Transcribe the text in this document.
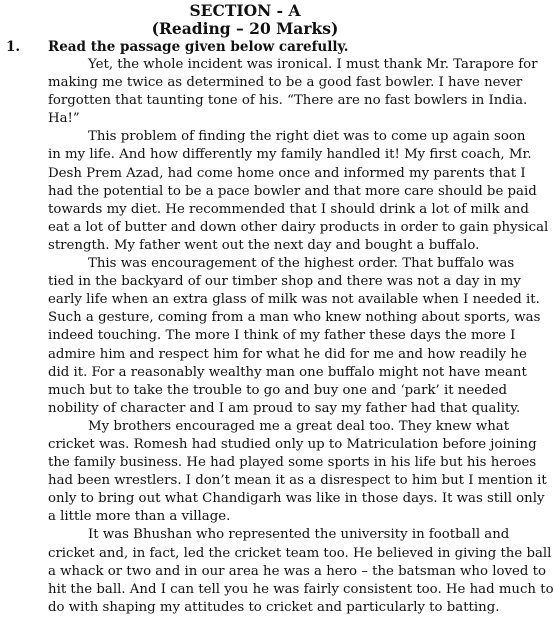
SECTION - A
(Reading – 20 Marks)
1. Read the passage given below carefully.
Yet, the whole incident was ironical. I must thank Mr. Tarapore for
making me twice as determined to be a good fast bowler. I have never
forgotten that taunting tone of his. “There are no fast bowlers in India.
Ha!”
This problem of finding the right diet was to come up again soon
in my life. And how differently my family handled it! My first coach, Mr.
Desh Prem Azad, had come home once and informed my parents that I
had the potential to be a pace bowler and that more care should be paid
towards my diet. He recommended that I should drink a lot of milk and
eat a lot of butter and down other dairy products in order to gain physical
strength. My father went out the next day and bought a buffalo.
This was encouragement of the highest order. That buffalo was
tied in the backyard of our timber shop and there was not a day in my
early life when an extra glass of milk was not available when I needed it.
Such a gesture, coming from a man who knew nothing about sports, was
indeed touching. The more I think of my father these days the more I
admire him and respect him for what he did for me and how readily he
did it. For a reasonably wealthy man one buffalo might not have meant
much but to take the trouble to go and buy one and ‘park’ it needed
nobility of character and I am proud to say my father had that quality.
My brothers encouraged me a great deal too. They knew what
cricket was. Romesh had studied only up to Matriculation before joining
the family business. He had played some sports in his life but his heroes
had been wrestlers. I don’t mean it as a disrespect to him but I mention it
only to bring out what Chandigarh was like in those days. It was still only
a little more than a village.
It was Bhushan who represented the university in football and
cricket and, in fact, led the cricket team too. He believed in giving the ball
a whack or two and in our area he was a hero – the batsman who loved to
hit the ball. And I can tell you he was fairly consistent too. He had much to
do with shaping my attitudes to cricket and particularly to batting.
